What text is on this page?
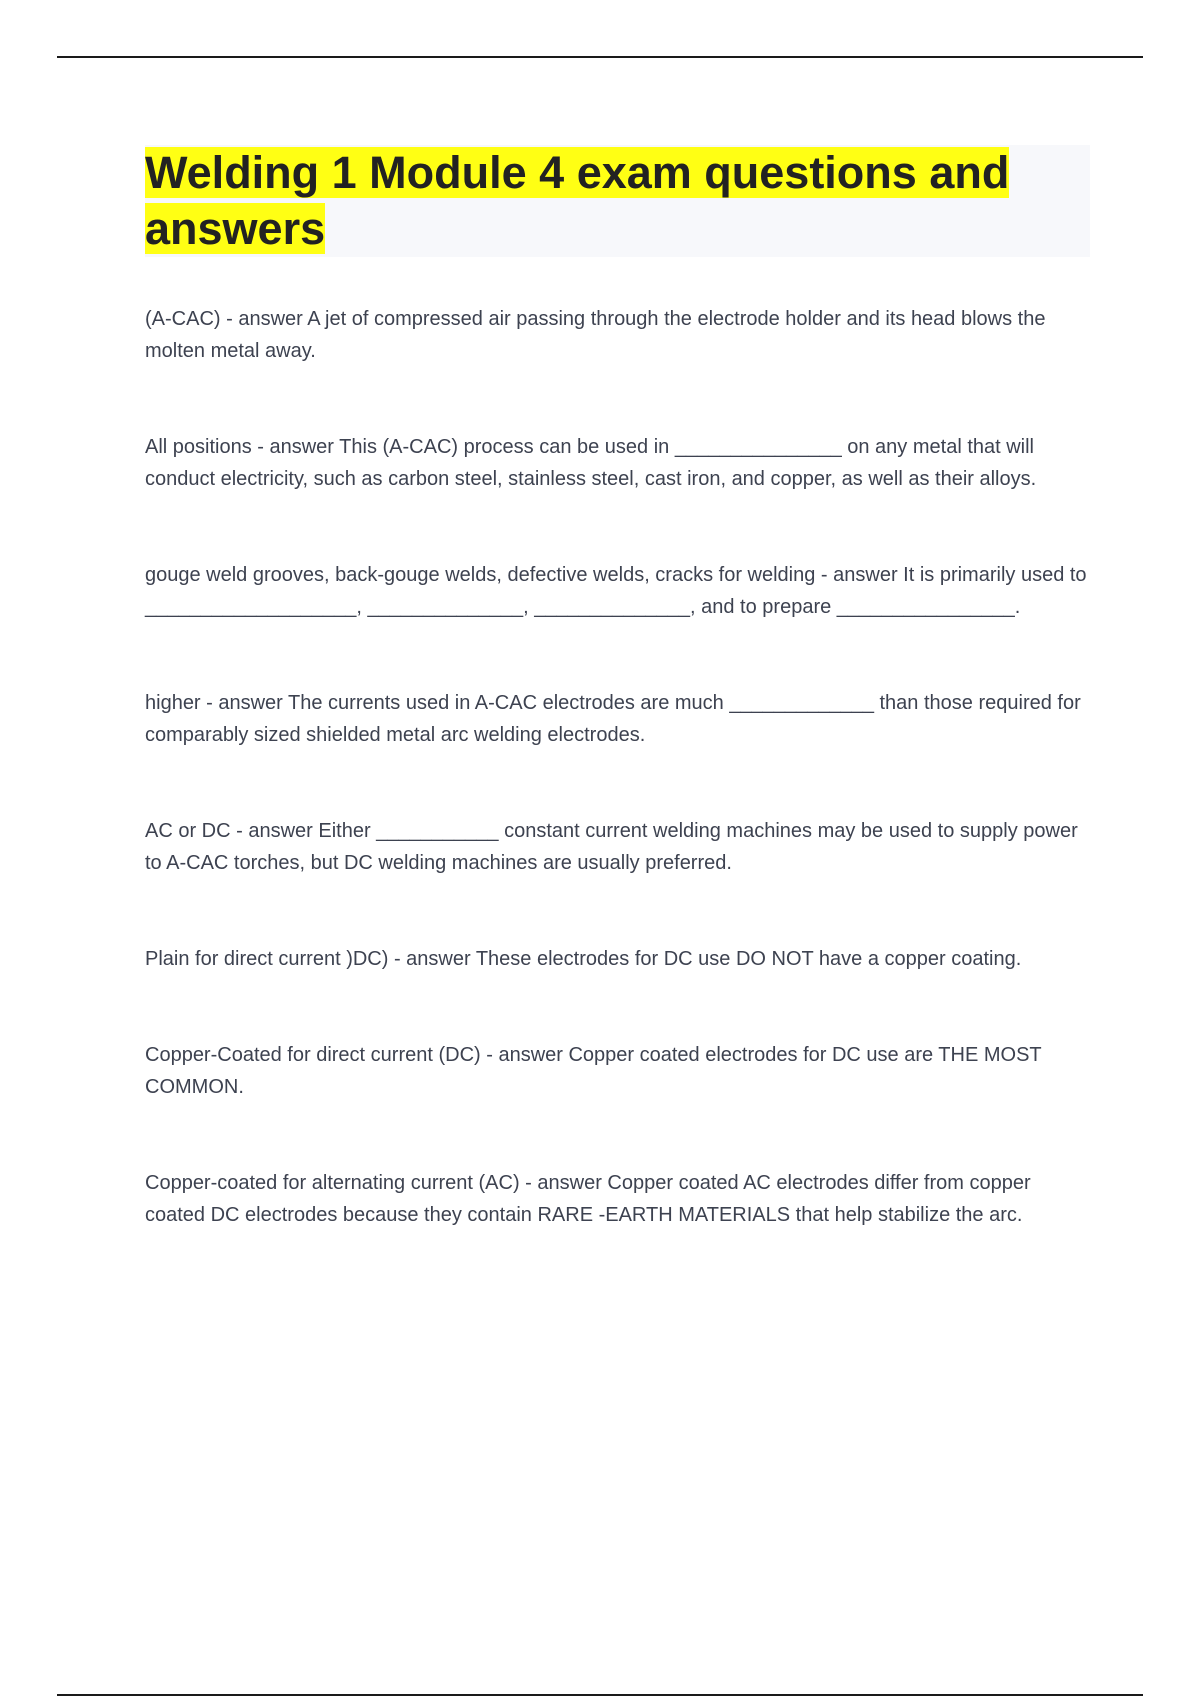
Welding 1 Module 4 exam questions and answers

(A-CAC) - answer A jet of compressed air passing through the electrode holder and its head blows the molten metal away.

All positions - answer This (A-CAC) process can be used in _______________ on any metal that will conduct electricity, such as carbon steel, stainless steel, cast iron, and copper, as well as their alloys.

gouge weld grooves, back-gouge welds, defective welds, cracks for welding - answer It is primarily used to ___________________, ______________, ______________, and to prepare ________________.

higher - answer The currents used in A-CAC electrodes are much _____________ than those required for comparably sized shielded metal arc welding electrodes.

AC or DC - answer Either ___________ constant current welding machines may be used to supply power to A-CAC torches, but DC welding machines are usually preferred.

Plain for direct current )DC) - answer These electrodes for DC use DO NOT have a copper coating.

Copper-Coated for direct current (DC) - answer Copper coated electrodes for DC use are THE MOST COMMON.

Copper-coated for alternating current (AC) - answer Copper coated AC electrodes differ from copper coated DC electrodes because they contain RARE -EARTH MATERIALS that help stabilize the arc.
